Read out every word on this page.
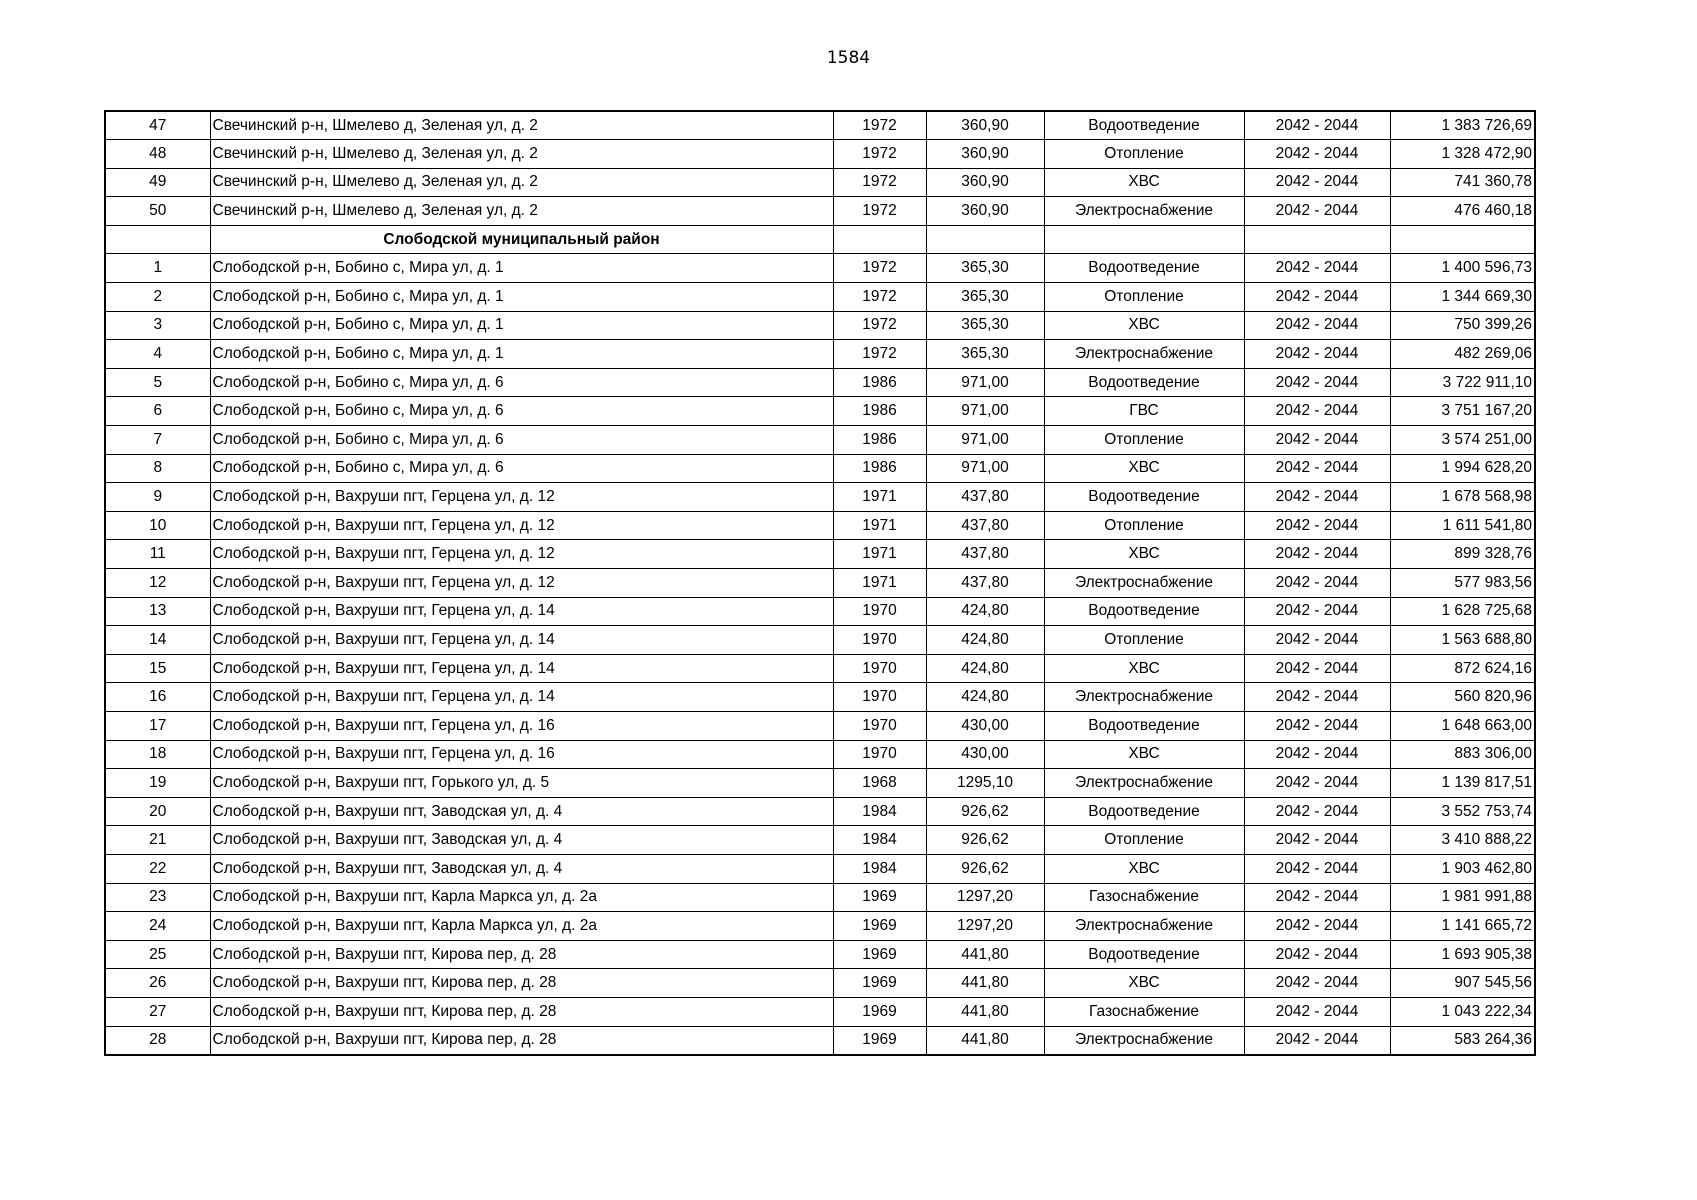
1584
47	Свечинский р-н, Шмелево д, Зеленая ул, д. 2	1972	360,90	Водоотведение	2042 - 2044	1 383 726,69
48	Свечинский р-н, Шмелево д, Зеленая ул, д. 2	1972	360,90	Отопление	2042 - 2044	1 328 472,90
49	Свечинский р-н, Шмелево д, Зеленая ул, д. 2	1972	360,90	ХВС	2042 - 2044	741 360,78
50	Свечинский р-н, Шмелево д, Зеленая ул, д. 2	1972	360,90	Электроснабжение	2042 - 2044	476 460,18
	Слободской муниципальный район					
1	Слободской р-н, Бобино с, Мира ул, д. 1	1972	365,30	Водоотведение	2042 - 2044	1 400 596,73
2	Слободской р-н, Бобино с, Мира ул, д. 1	1972	365,30	Отопление	2042 - 2044	1 344 669,30
3	Слободской р-н, Бобино с, Мира ул, д. 1	1972	365,30	ХВС	2042 - 2044	750 399,26
4	Слободской р-н, Бобино с, Мира ул, д. 1	1972	365,30	Электроснабжение	2042 - 2044	482 269,06
5	Слободской р-н, Бобино с, Мира ул, д. 6	1986	971,00	Водоотведение	2042 - 2044	3 722 911,10
6	Слободской р-н, Бобино с, Мира ул, д. 6	1986	971,00	ГВС	2042 - 2044	3 751 167,20
7	Слободской р-н, Бобино с, Мира ул, д. 6	1986	971,00	Отопление	2042 - 2044	3 574 251,00
8	Слободской р-н, Бобино с, Мира ул, д. 6	1986	971,00	ХВС	2042 - 2044	1 994 628,20
9	Слободской р-н, Вахруши пгт, Герцена ул, д. 12	1971	437,80	Водоотведение	2042 - 2044	1 678 568,98
10	Слободской р-н, Вахруши пгт, Герцена ул, д. 12	1971	437,80	Отопление	2042 - 2044	1 611 541,80
11	Слободской р-н, Вахруши пгт, Герцена ул, д. 12	1971	437,80	ХВС	2042 - 2044	899 328,76
12	Слободской р-н, Вахруши пгт, Герцена ул, д. 12	1971	437,80	Электроснабжение	2042 - 2044	577 983,56
13	Слободской р-н, Вахруши пгт, Герцена ул, д. 14	1970	424,80	Водоотведение	2042 - 2044	1 628 725,68
14	Слободской р-н, Вахруши пгт, Герцена ул, д. 14	1970	424,80	Отопление	2042 - 2044	1 563 688,80
15	Слободской р-н, Вахруши пгт, Герцена ул, д. 14	1970	424,80	ХВС	2042 - 2044	872 624,16
16	Слободской р-н, Вахруши пгт, Герцена ул, д. 14	1970	424,80	Электроснабжение	2042 - 2044	560 820,96
17	Слободской р-н, Вахруши пгт, Герцена ул, д. 16	1970	430,00	Водоотведение	2042 - 2044	1 648 663,00
18	Слободской р-н, Вахруши пгт, Герцена ул, д. 16	1970	430,00	ХВС	2042 - 2044	883 306,00
19	Слободской р-н, Вахруши пгт, Горького ул, д. 5	1968	1295,10	Электроснабжение	2042 - 2044	1 139 817,51
20	Слободской р-н, Вахруши пгт, Заводская ул, д. 4	1984	926,62	Водоотведение	2042 - 2044	3 552 753,74
21	Слободской р-н, Вахруши пгт, Заводская ул, д. 4	1984	926,62	Отопление	2042 - 2044	3 410 888,22
22	Слободской р-н, Вахруши пгт, Заводская ул, д. 4	1984	926,62	ХВС	2042 - 2044	1 903 462,80
23	Слободской р-н, Вахруши пгт, Карла Маркса ул, д. 2а	1969	1297,20	Газоснабжение	2042 - 2044	1 981 991,88
24	Слободской р-н, Вахруши пгт, Карла Маркса ул, д. 2а	1969	1297,20	Электроснабжение	2042 - 2044	1 141 665,72
25	Слободской р-н, Вахруши пгт, Кирова пер, д. 28	1969	441,80	Водоотведение	2042 - 2044	1 693 905,38
26	Слободской р-н, Вахруши пгт, Кирова пер, д. 28	1969	441,80	ХВС	2042 - 2044	907 545,56
27	Слободской р-н, Вахруши пгт, Кирова пер, д. 28	1969	441,80	Газоснабжение	2042 - 2044	1 043 222,34
28	Слободской р-н, Вахруши пгт, Кирова пер, д. 28	1969	441,80	Электроснабжение	2042 - 2044	583 264,36
